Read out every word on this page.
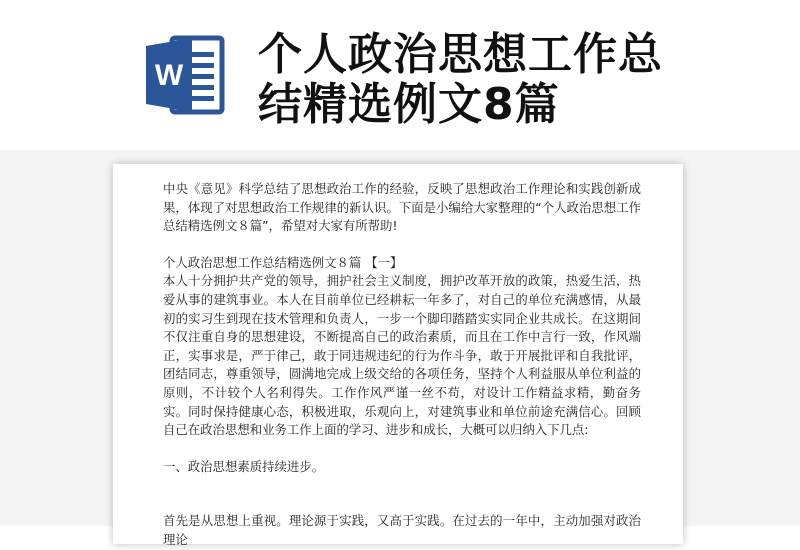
W 个人政治思想工作总结精选例文8篇

中央《意见》科学总结了思想政治工作的经验，反映了思想政治工作理论和实践创新成果，体现了对思想政治工作规律的新认识。下面是小编给大家整理的“个人政治思想工作总结精选例文８篇”，希望对大家有所帮助!

个人政治思想工作总结精选例文８篇 【一】

本人十分拥护共产党的领导，拥护社会主义制度，拥护改革开放的政策，热爱生活，热爱从事的建筑事业。本人在目前单位已经耕耘一年多了，对自己的单位充满感情，从最初的实习生到现在技术管理和负责人，一步一个脚印踏踏实实同企业共成长。在这期间不仅注重自身的思想建设，不断提高自己的政治素质，而且在工作中言行一致，作风端正，实事求是，严于律己，敢于同违规违纪的行为作斗争，敢于开展批评和自我批评，团结同志，尊重领导，圆满地完成上级交给的各项任务，坚持个人利益服从单位利益的原则，不计较个人名利得失。工作作风严谨一丝不苟，对设计工作精益求精，勤奋务实。同时保持健康心态，积极进取，乐观向上，对建筑事业和单位前途充满信心。回顾自己在政治思想和业务工作上面的学习、进步和成长，大概可以归纳入下几点:

一、政治思想素质持续进步。

首先是从思想上重视。理论源于实践，又高于实践。在过去的一年中，主动加强对政治理论
